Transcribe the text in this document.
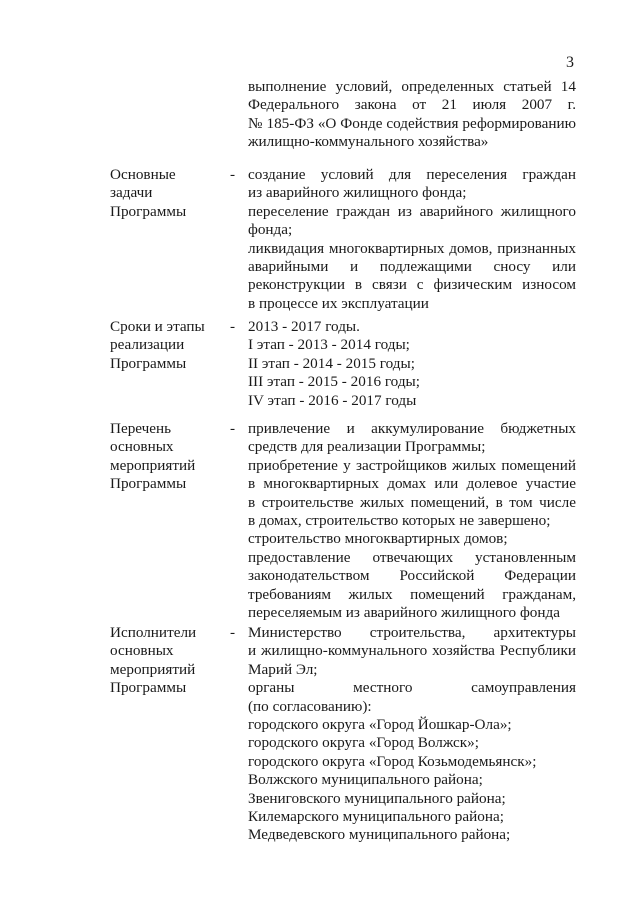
3
выполнение условий, определенных статьей 14
Федерального закона от 21 июля 2007 г.
№ 185-ФЗ «О Фонде содействия реформированию
жилищно-коммунального хозяйства»
Основные
задачи
Программы
- создание условий для переселения граждан
из аварийного жилищного фонда;
переселение граждан из аварийного жилищного
фонда;
ликвидация многоквартирных домов, признанных
аварийными и подлежащими сносу или
реконструкции в связи с физическим износом
в процессе их эксплуатации
Сроки и этапы
реализации
Программы
- 2013 - 2017 годы.
I этап - 2013 - 2014 годы;
II этап - 2014 - 2015 годы;
III этап - 2015 - 2016 годы;
IV этап - 2016 - 2017 годы
Перечень
основных
мероприятий
Программы
- привлечение и аккумулирование бюджетных
средств для реализации Программы;
приобретение у застройщиков жилых помещений
в многоквартирных домах или долевое участие
в строительстве жилых помещений, в том числе
в домах, строительство которых не завершено;
строительство многоквартирных домов;
предоставление отвечающих установленным
законодательством Российской Федерации
требованиям жилых помещений гражданам,
переселяемым из аварийного жилищного фонда
Исполнители
основных
мероприятий
Программы
- Министерство строительства, архитектуры
и жилищно-коммунального хозяйства Республики
Марий Эл;
органы местного самоуправления
(по согласованию):
городского округа «Город Йошкар-Ола»;
городского округа «Город Волжск»;
городского округа «Город Козьмодемьянск»;
Волжского муниципального района;
Звениговского муниципального района;
Килемарского муниципального района;
Медведевского муниципального района;
